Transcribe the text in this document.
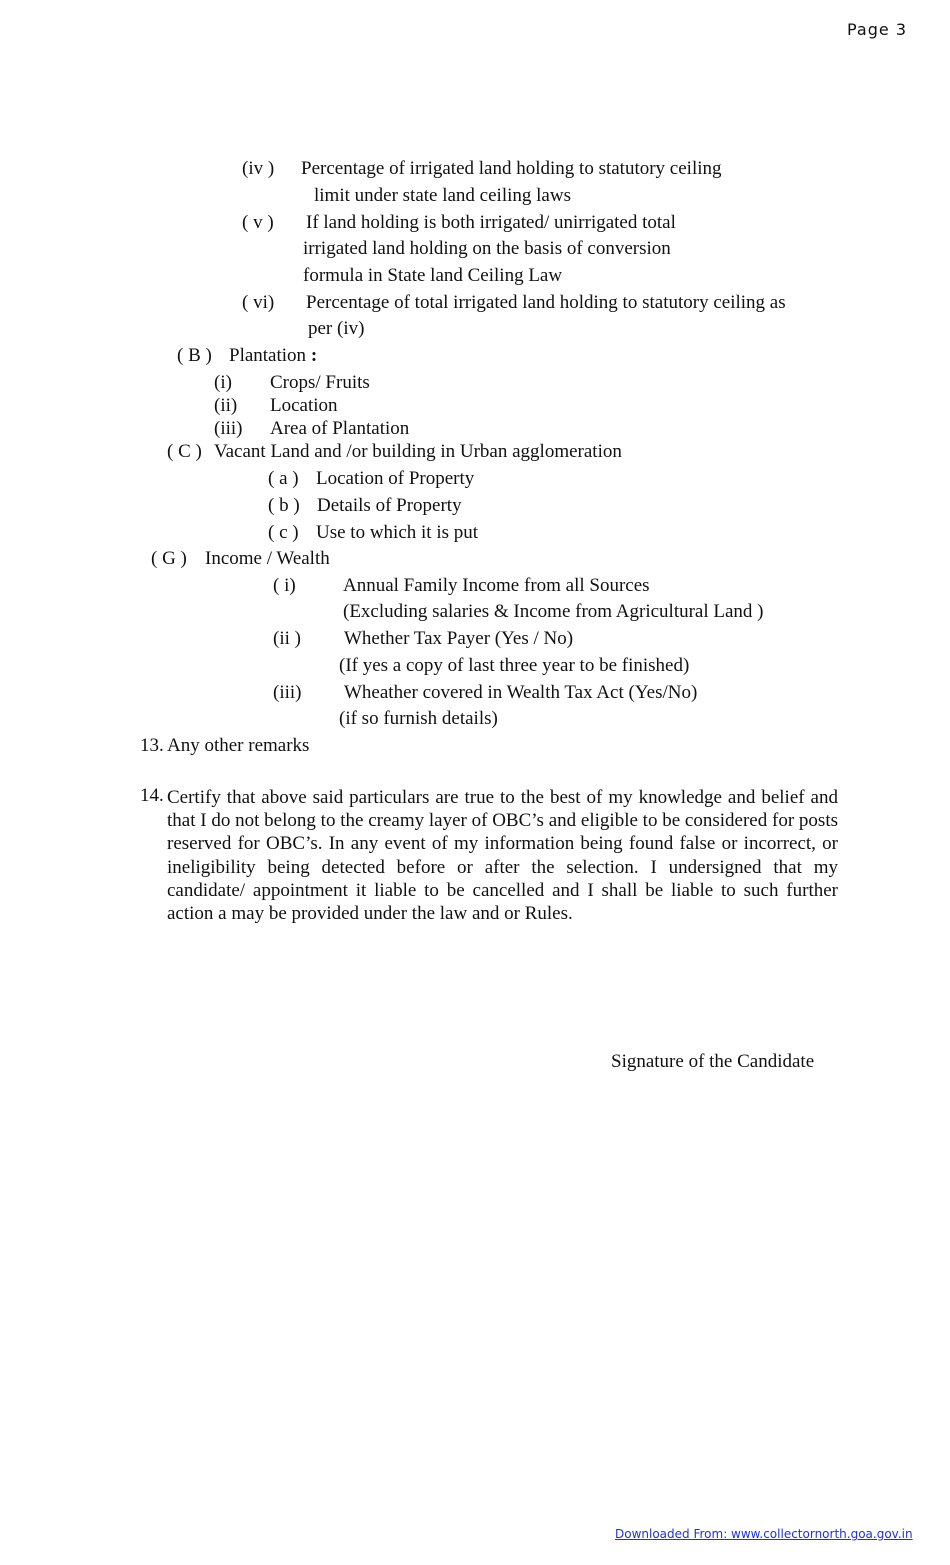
Page 3
(iv ) Percentage of irrigated land holding to statutory ceiling
limit under state land ceiling laws
( v ) If land holding is both irrigated/ unirrigated total
irrigated land holding on the basis of conversion
formula in State land Ceiling Law
( vi) Percentage of total irrigated land holding to statutory ceiling as
per (iv)
( B ) Plantation :
(i) Crops/ Fruits
(ii) Location
(iii) Area of Plantation
( C ) Vacant Land and /or building in Urban agglomeration
( a ) Location of Property
( b ) Details of Property
( c ) Use to which it is put
( G ) Income / Wealth
( i) Annual Family Income from all Sources
(Excluding salaries & Income from Agricultural Land )
(ii ) Whether Tax Payer (Yes / No)
(If yes a copy of last three year to be finished)
(iii) Wheather covered in Wealth Tax Act (Yes/No)
(if so furnish details)
13. Any other remarks
14. Certify that above said particulars are true to the best of my knowledge and belief and that I do not belong to the creamy layer of OBC’s and eligible to be considered for posts reserved for OBC’s. In any event of my information being found false or incorrect, or ineligibility being detected before or after the selection. I undersigned that my candidate/ appointment it liable to be cancelled and I shall be liable to such further action a may be provided under the law and or Rules.
Signature of the Candidate
Downloaded From: www.collectornorth.goa.gov.in
